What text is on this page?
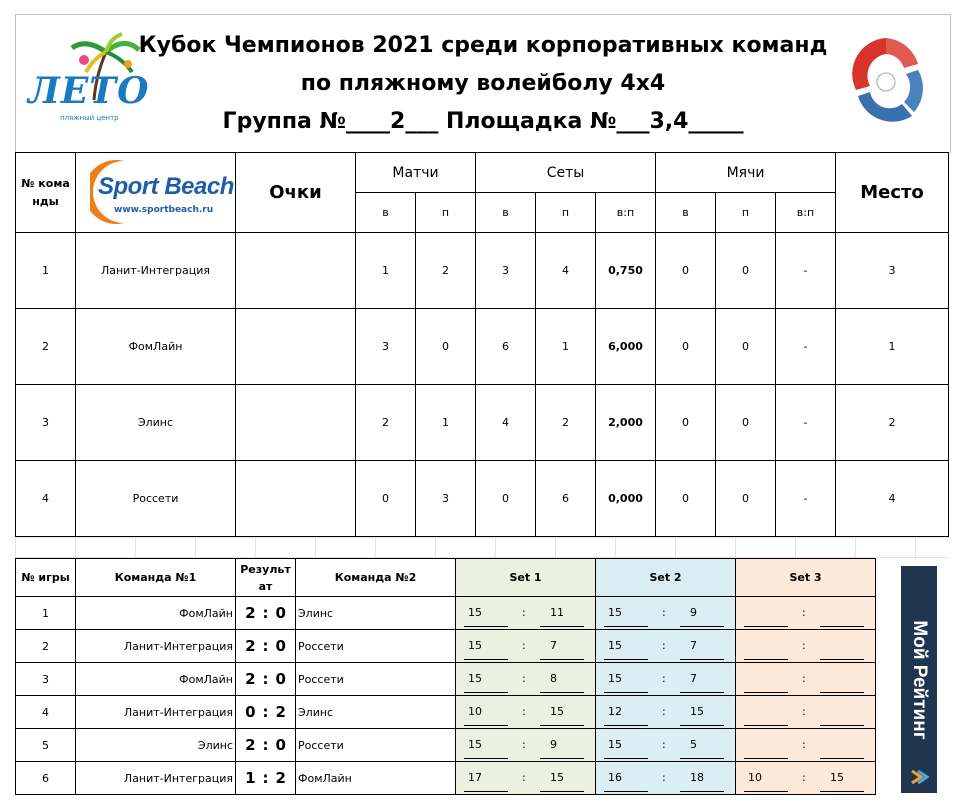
Кубок Чемпионов 2021 среди корпоративных команд
по пляжному волейболу 4х4
Группа №____2___ Площадка №___3,4_____
ЛЕТО
пляжный центр
№ команды	Sport Beach
www.sportbeach.ru	Очки	Матчи		Сеты			Мячи			Место
			в	п	в	п	в:п	в	п	в:п	
1	Ланит-Интеграция		1	2	3	4	0,750	0	0	-	3
2	ФомЛайн		3	0	6	1	6,000	0	0	-	1
3	Элинс		2	1	4	2	2,000	0	0	-	2
4	Россети		0	3	0	6	0,000	0	0	-	4
№ игры	Команда №1	Результат	Команда №2	Set 1	Set 2	Set 3
1	ФомЛайн	2 : 0	Элинс	15 : 11	15 : 9	:

2	Ланит-Интеграция	2 : 0	Россети	15 : 7	15 : 7	:

3	ФомЛайн	2 : 0	Россети	15 : 8	15 : 7	:

4	Ланит-Интеграция	0 : 2	Элинс	10 : 15	12 : 15	:

5	Элинс	2 : 0	Россети	15 : 9	15 : 5	:

6	Ланит-Интеграция	1 : 2	ФомЛайн	17 : 15	16 : 18	10 : 15
Мой Рейтинг
